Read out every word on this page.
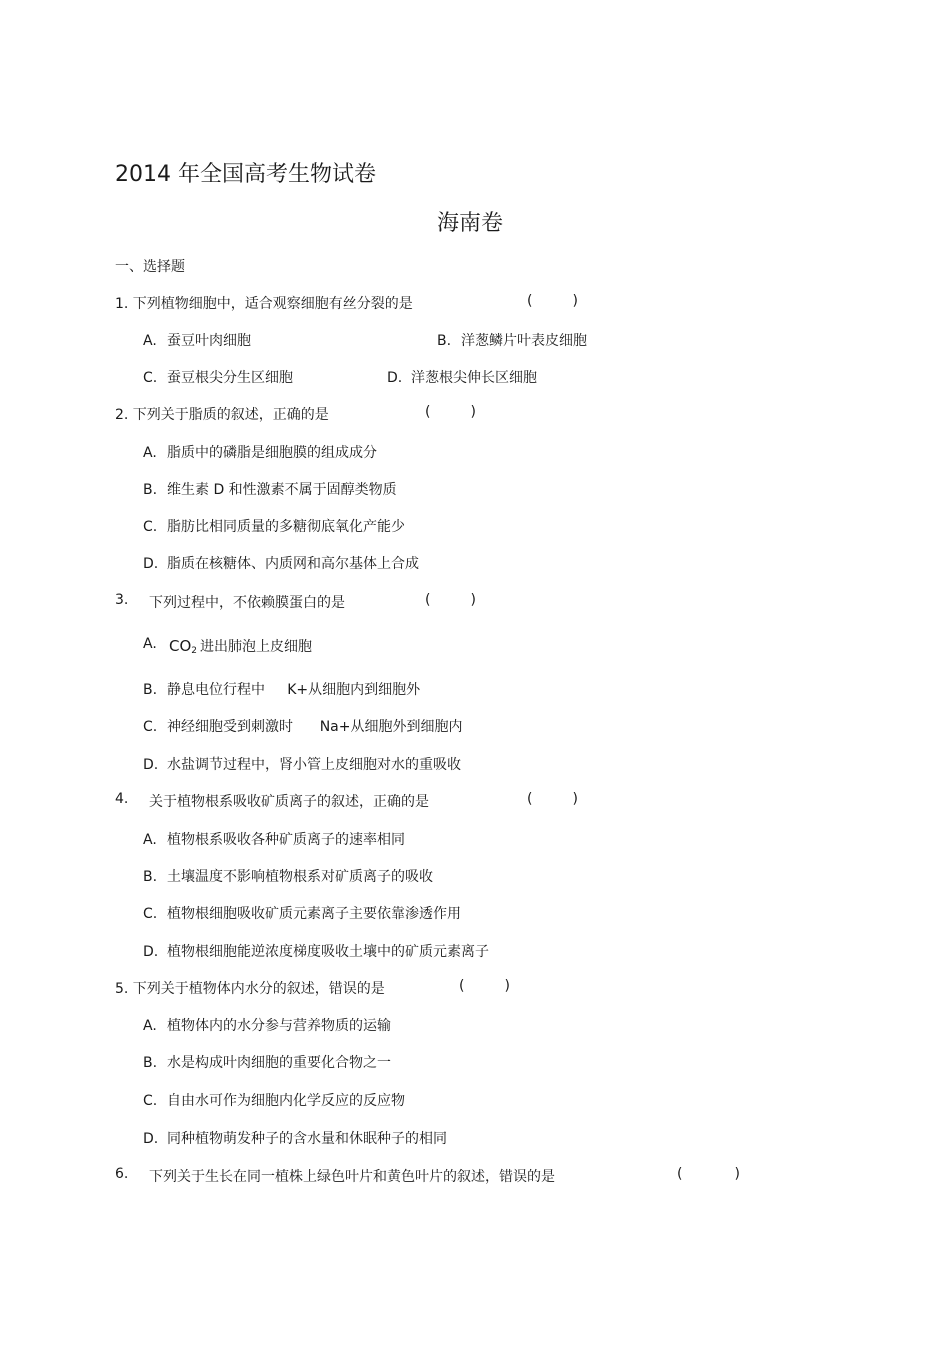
2014 年全国高考生物试卷
海南卷
一、选择题
1. 下列植物细胞中，适合观察细胞有丝分裂的是	(	)
A. 蚕豆叶肉细胞	B. 洋葱鳞片叶表皮细胞
C. 蚕豆根尖分生区细胞	D. 洋葱根尖伸长区细胞
2. 下列关于脂质的叙述，正确的是	(	)
A. 脂质中的磷脂是细胞膜的组成成分
B. 维生素 D 和性激素不属于固醇类物质
C. 脂肪比相同质量的多糖彻底氧化产能少
D. 脂质在核糖体、内质网和高尔基体上合成
3. 下列过程中，不依赖膜蛋白的是	(	)
A. $CO_2$ 进出肺泡上皮细胞
B. 静息电位行程中     K+从细胞内到细胞外
C. 神经细胞受到刺激时      Na+从细胞外到细胞内
D. 水盐调节过程中，肾小管上皮细胞对水的重吸收
4. 关于植物根系吸收矿质离子的叙述，正确的是	(	)
A. 植物根系吸收各种矿质离子的速率相同
B. 土壤温度不影响植物根系对矿质离子的吸收
C. 植物根细胞吸收矿质元素离子主要依靠渗透作用
D. 植物根细胞能逆浓度梯度吸收土壤中的矿质元素离子
5. 下列关于植物体内水分的叙述，错误的是	(	)
A. 植物体内的水分参与营养物质的运输
B. 水是构成叶肉细胞的重要化合物之一
C. 自由水可作为细胞内化学反应的反应物
D. 同种植物萌发种子的含水量和休眠种子的相同
6. 下列关于生长在同一植株上绿色叶片和黄色叶片的叙述，错误的是	(	)
